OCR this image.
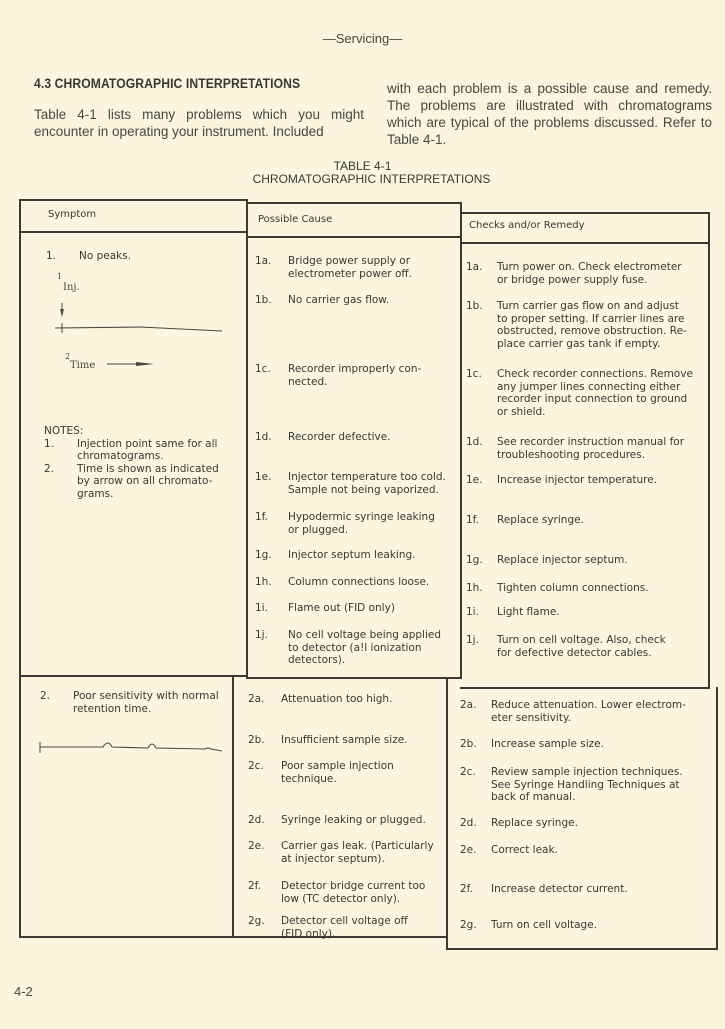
—Servicing—
4.3 CHROMATOGRAPHIC INTERPRETATIONS
Table 4-1 lists many problems which you might encounter in operating your instrument. Included
with each problem is a possible cause and remedy. The problems are illustrated with chromatograms which are typical of the problems discussed. Refer to Table 4-1.
TABLE 4-1
CHROMATOGRAPHIC INTERPRETATIONS
Symptom	Possible Cause
Checks and/or Remedy
1. No peaks.
1
Inj.
2
Time
NOTES:
1. Injection point same for all
chromatograms.
2. Time is shown as indicated
by arrow on all chromato-
grams.
1a. Bridge power supply or
electrometer power off.
1b. No carrier gas flow.
1c. Recorder improperly con-
nected.
1d. Recorder defective.
1e. Injector temperature too cold.
Sample not being vaporized.
1f. Hypodermic syringe leaking
or plugged.
1g. Injector septum leaking.
1h. Column connections loose.
1i. Flame out (FID only)
1j. No cell voltage being applied
to detector (a!l ionization
detectors).
1a. Turn power on. Check electrometer
or bridge power supply fuse.
1b. Turn carrier gas flow on and adjust
to proper setting. If carrier lines are
obstructed, remove obstruction. Re-
place carrier gas tank if empty.
1c. Check recorder connections. Remove
any jumper lines connecting either
recorder input connection to ground
or shield.
1d. See recorder instruction manual for
troubleshooting procedures.
1e. Increase injector temperature.
1f. Replace syringe.
1g. Replace injector septum.
1h. Tighten column connections.
1i. Light flame.
1j. Turn on cell voltage. Also, check
for defective detector cables.
2. Poor sensitivity with normal
retention time.
2a. Attenuation too high.
2b. Insufficient sample size.
2c. Poor sample injection
technique.
2d. Syringe leaking or plugged.
2e. Carrier gas leak. (Particularly
at injector septum).
2f. Detector bridge current too
low (TC detector only).
2g. Detector cell voltage off
(FID only).
2a. Reduce attenuation. Lower electrom-
eter sensitivity.
2b. Increase sample size.
2c. Review sample injection techniques.
See Syringe Handling Techniques at
back of manual.
2d. Replace syringe.
2e. Correct leak.
2f. Increase detector current.
2g. Turn on cell voltage.
4-2
